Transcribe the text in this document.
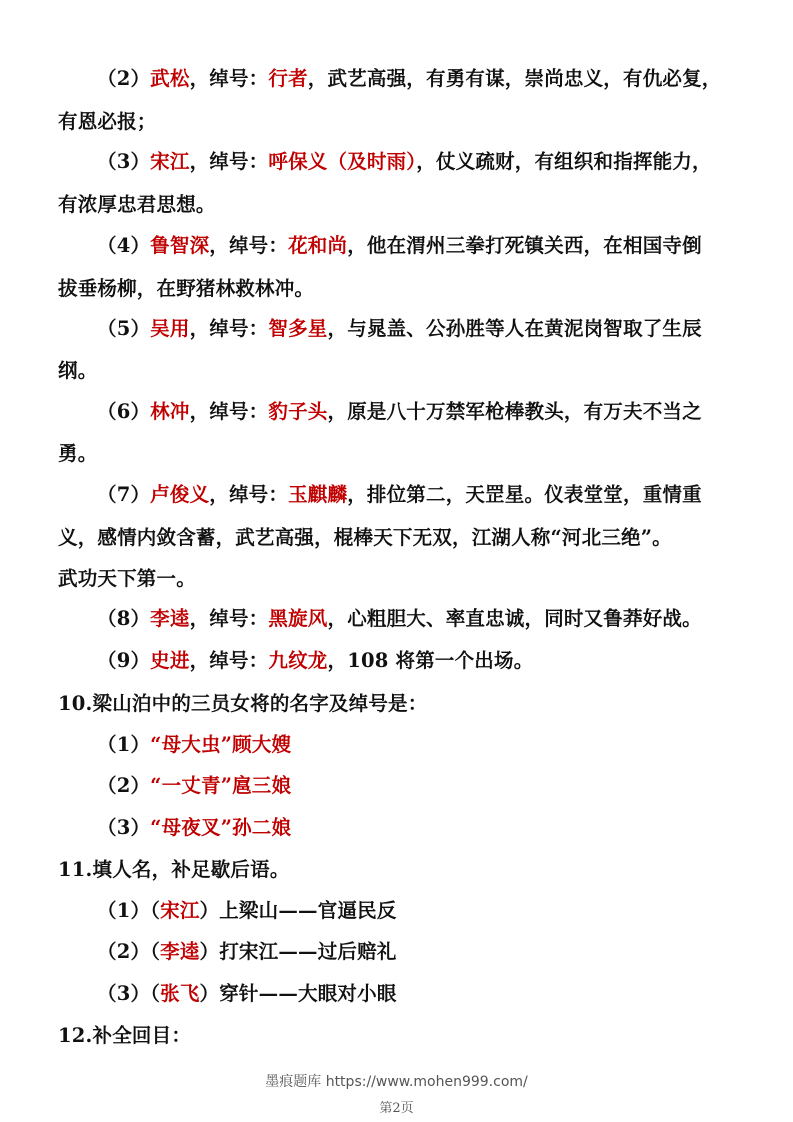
（2）武松，绰号：行者，武艺高强，有勇有谋，崇尚忠义，有仇必复，
有恩必报；
（3）宋江，绰号：呼保义（及时雨），仗义疏财，有组织和指挥能力，
有浓厚忠君思想。
（4）鲁智深，绰号：花和尚，他在渭州三拳打死镇关西，在相国寺倒
拔垂杨柳，在野猪林救林冲。
（5）吴用，绰号：智多星，与晁盖、公孙胜等人在黄泥岗智取了生辰
纲。
（6）林冲，绰号：豹子头，原是八十万禁军枪棒教头，有万夫不当之
勇。
（7）卢俊义，绰号：玉麒麟，排位第二，天罡星。仪表堂堂，重情重
义，感情内敛含蓄，武艺高强，棍棒天下无双，江湖人称“河北三绝”。
武功天下第一。
（8）李逵，绰号：黑旋风，心粗胆大、率直忠诚，同时又鲁莽好战。
（9）史进，绰号：九纹龙，108 将第一个出场。
10.梁山泊中的三员女将的名字及绰号是：
（1）“母大虫”顾大嫂
（2）“一丈青”扈三娘
（3）“母夜叉”孙二娘
11.填人名，补足歇后语。
（1）（宋江）上梁山——官逼民反
（2）（李逵）打宋江——过后赔礼
（3）（张飞）穿针——大眼对小眼
12.补全回目：
墨痕题库 https://www.mohen999.com/
第2页
